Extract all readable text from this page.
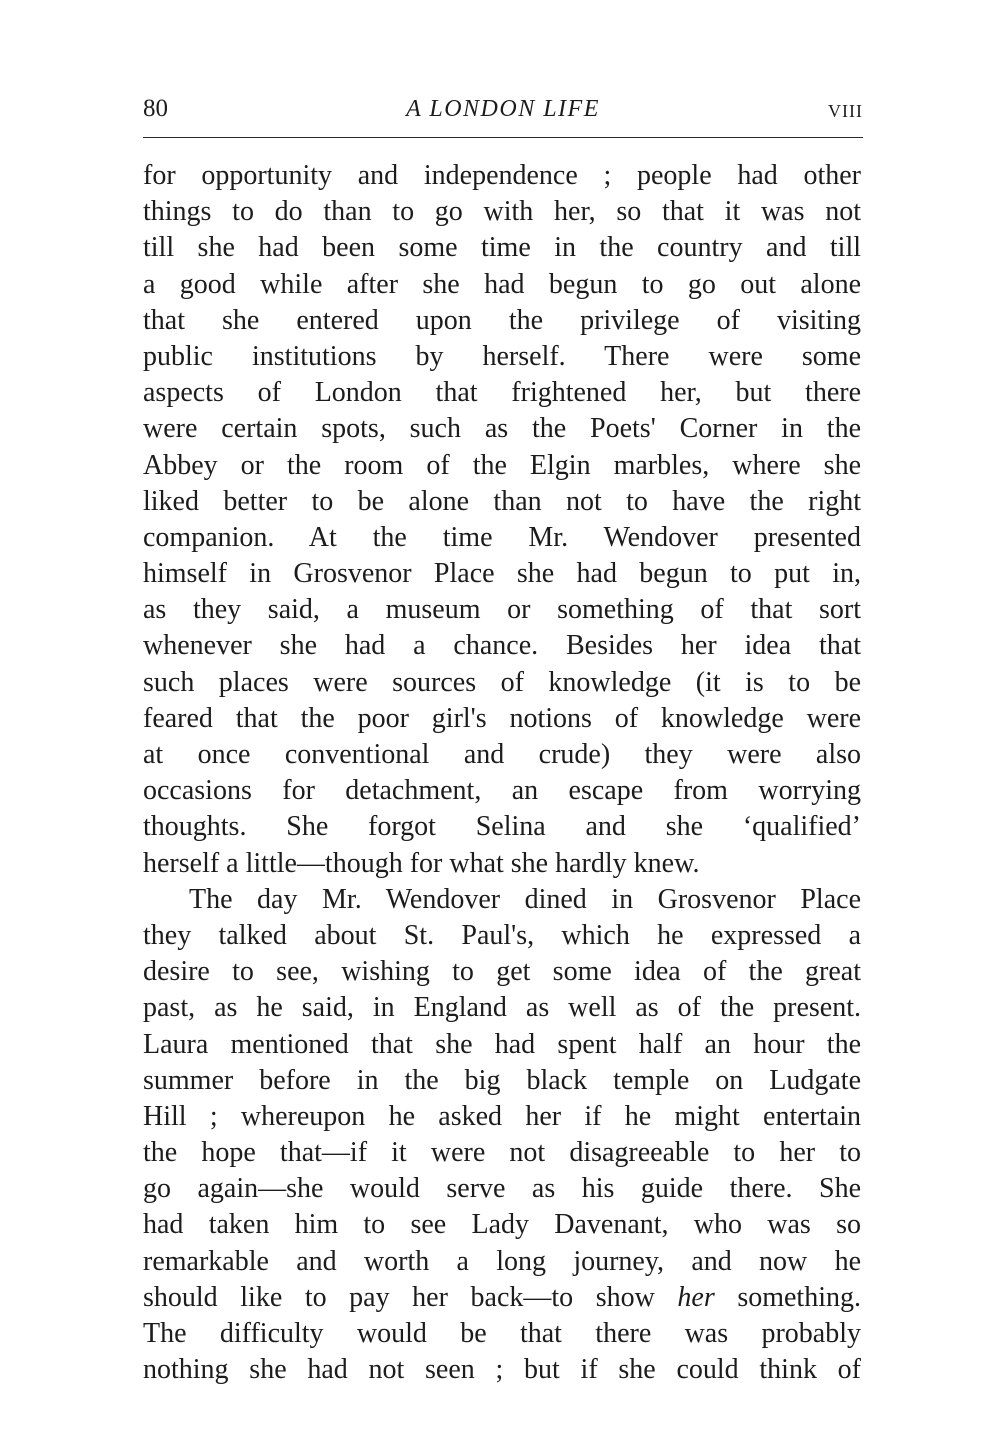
80	A LONDON LIFE	VIII
for opportunity and independence ; people had other
things to do than to go with her, so that it was not
till she had been some time in the country and till
a good while after she had begun to go out alone
that she entered upon the privilege of visiting
public institutions by herself. There were some
aspects of London that frightened her, but there
were certain spots, such as the Poets' Corner in the
Abbey or the room of the Elgin marbles, where she
liked better to be alone than not to have the right
companion. At the time Mr. Wendover presented
himself in Grosvenor Place she had begun to put in,
as they said, a museum or something of that sort
whenever she had a chance. Besides her idea that
such places were sources of knowledge (it is to be
feared that the poor girl's notions of knowledge were
at once conventional and crude) they were also
occasions for detachment, an escape from worrying
thoughts. She forgot Selina and she ‘qualified’
herself a little—though for what she hardly knew.
The day Mr. Wendover dined in Grosvenor Place
they talked about St. Paul's, which he expressed a
desire to see, wishing to get some idea of the great
past, as he said, in England as well as of the present.
Laura mentioned that she had spent half an hour the
summer before in the big black temple on Ludgate
Hill ; whereupon he asked her if he might entertain
the hope that—if it were not disagreeable to her to
go again—she would serve as his guide there. She
had taken him to see Lady Davenant, who was so
remarkable and worth a long journey, and now he
should like to pay her back—to show her something.
The difficulty would be that there was probably
nothing she had not seen ; but if she could think of
